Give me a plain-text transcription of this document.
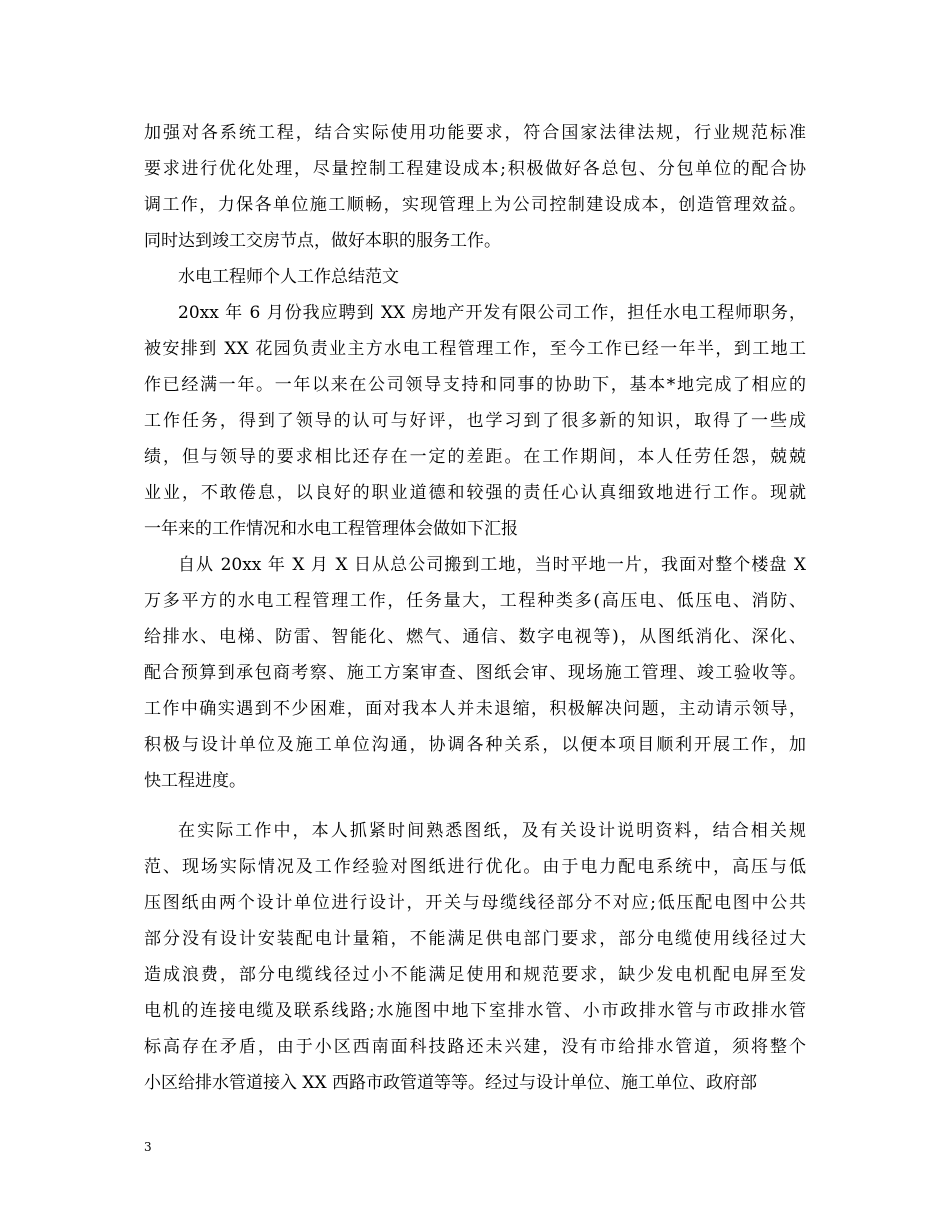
加强对各系统工程，结合实际使用功能要求，符合国家法律法规，行业规范标准
要求进行优化处理，尽量控制工程建设成本;积极做好各总包、分包单位的配合协
调工作，力保各单位施工顺畅，实现管理上为公司控制建设成本，创造管理效益。
同时达到竣工交房节点，做好本职的服务工作。
水电工程师个人工作总结范文
20xx 年 6 月份我应聘到 XX 房地产开发有限公司工作，担任水电工程师职务，
被安排到 XX 花园负责业主方水电工程管理工作，至今工作已经一年半，到工地工
作已经满一年。一年以来在公司领导支持和同事的协助下，基本*地完成了相应的
工作任务，得到了领导的认可与好评，也学习到了很多新的知识，取得了一些成
绩，但与领导的要求相比还存在一定的差距。在工作期间，本人任劳任怨，兢兢
业业，不敢倦息，以良好的职业道德和较强的责任心认真细致地进行工作。现就
一年来的工作情况和水电工程管理体会做如下汇报
自从 20xx 年 X 月 X 日从总公司搬到工地，当时平地一片，我面对整个楼盘 X
万多平方的水电工程管理工作，任务量大，工程种类多(高压电、低压电、消防、
给排水、电梯、防雷、智能化、燃气、通信、数字电视等)，从图纸消化、深化、
配合预算到承包商考察、施工方案审查、图纸会审、现场施工管理、竣工验收等。
工作中确实遇到不少困难，面对我本人并未退缩，积极解决问题，主动请示领导，
积极与设计单位及施工单位沟通，协调各种关系，以便本项目顺利开展工作，加
快工程进度。
在实际工作中，本人抓紧时间熟悉图纸，及有关设计说明资料，结合相关规
范、现场实际情况及工作经验对图纸进行优化。由于电力配电系统中，高压与低
压图纸由两个设计单位进行设计，开关与母缆线径部分不对应;低压配电图中公共
部分没有设计安装配电计量箱，不能满足供电部门要求，部分电缆使用线径过大
造成浪费，部分电缆线径过小不能满足使用和规范要求，缺少发电机配电屏至发
电机的连接电缆及联系线路;水施图中地下室排水管、小市政排水管与市政排水管
标高存在矛盾，由于小区西南面科技路还未兴建，没有市给排水管道，须将整个
小区给排水管道接入 XX 西路市政管道等等。经过与设计单位、施工单位、政府部
3
